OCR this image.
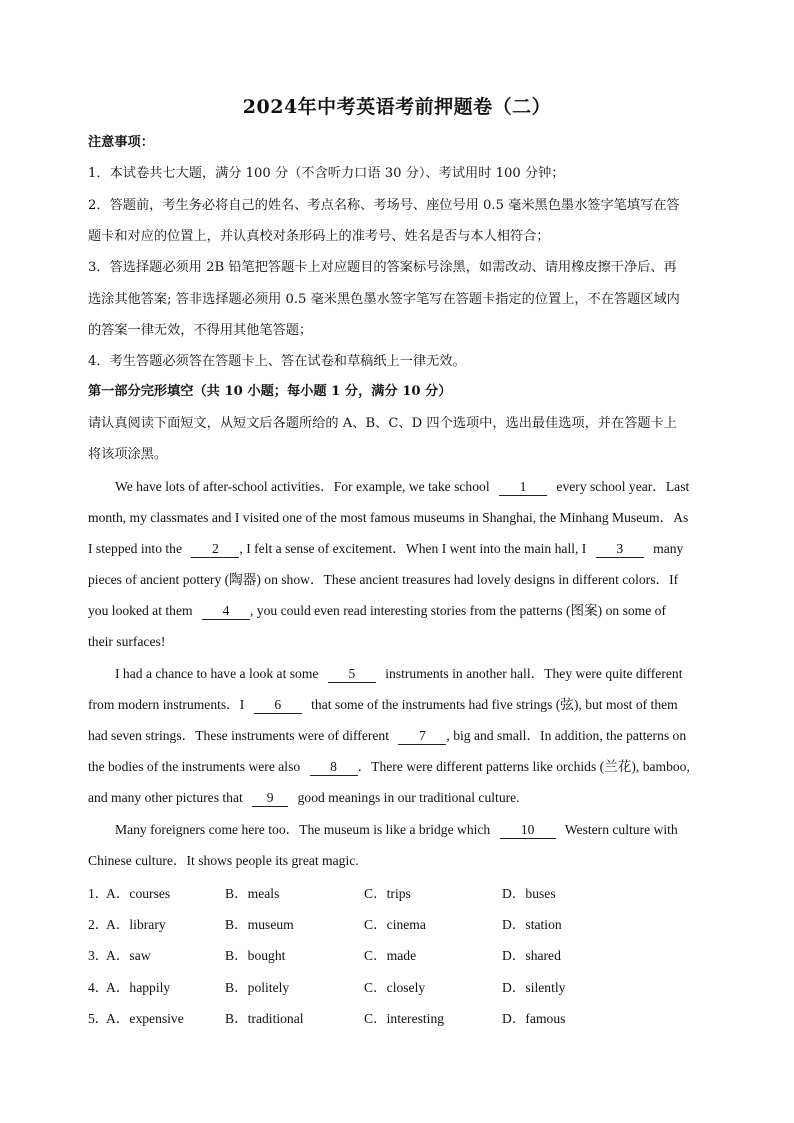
2024年中考英语考前押题卷（二）
注意事项：
1．本试卷共七大题，满分 100 分（不含听力口语 30 分）、考试用时 100 分钟；
2．答题前，考生务必将自己的姓名、考点名称、考场号、座位号用 0.5 毫米黑色墨水签字笔填写在答
题卡和对应的位置上，并认真校对条形码上的准考号、姓名是否与本人相符合；
3．答选择题必须用 2B 铅笔把答题卡上对应题目的答案标号涂黑，如需改动、请用橡皮擦干净后、再
选涂其他答案; 答非选择题必须用 0.5 毫米黑色墨水签字笔写在答题卡指定的位置上，不在答题区域内
的答案一律无效，不得用其他笔答题；
4．考生答题必须答在答题卡上、答在试卷和草稿纸上一律无效。
第一部分完形填空（共 10 小题；每小题 1 分，满分 10 分）
请认真阅读下面短文，从短文后各题所给的 A、B、C、D 四个选项中，选出最佳选项，并在答题卡上
将该项涂黑。
We have lots of after-school activities．For example, we take school 1 every school year．Last
month, my classmates and I visited one of the most famous museums in Shanghai, the Minhang Museum．As
I stepped into the 2 , I felt a sense of excitement．When I went into the main hall, I 3 many
pieces of ancient pottery (陶器) on show．These ancient treasures had lovely designs in different colors．If
you looked at them 4 , you could even read interesting stories from the patterns (图案) on some of
their surfaces!
I had a chance to have a look at some 5 instruments in another hall．They were quite different
from modern instruments．I 6 that some of the instruments had five strings (弦), but most of them
had seven strings．These instruments were of different 7 , big and small．In addition, the patterns on
the bodies of the instruments were also 8 ．There were different patterns like orchids (兰花), bamboo,
and many other pictures that 9 good meanings in our traditional culture.
Many foreigners come here too．The museum is like a bridge which 10 Western culture with
Chinese culture．It shows people its great magic.
1．
A．courses	B．meals	C．trips	D．buses
2．
A．library	B．museum	C．cinema	D．station
3．
A．saw	B．bought	C．made	D．shared
4．
A．happily	B．politely	C．closely	D．silently
5．
A．expensive	B．traditional	C．interesting	D．famous
